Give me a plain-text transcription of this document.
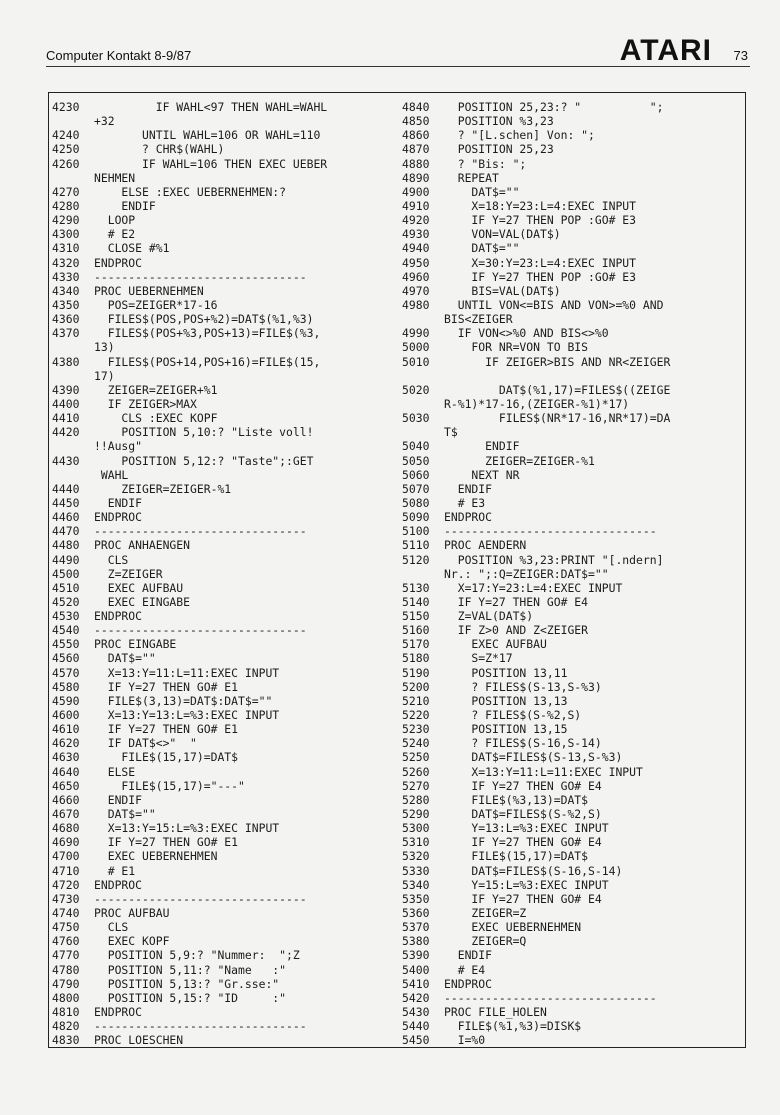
Computer Kontakt 8-9/87	ATARI 73
4230         IF WAHL<97 THEN WAHL=WAHL
+32
4240       UNTIL WAHL=106 OR WAHL=110
4250       ? CHR$(WAHL)
4260       IF WAHL=106 THEN EXEC UEBER
NEHMEN
4270    ELSE :EXEC UEBERNEHMEN:?
4280    ENDIF
4290  LOOP
4300  # E2
4310  CLOSE #%1
4320 ENDPROC
4330 -------------------------------
4340 PROC UEBERNEHMEN
4350  POS=ZEIGER*17-16
4360  FILES$(POS,POS+%2)=DAT$(%1,%3)
4370  FILES$(POS+%3,POS+13)=FILE$(%3,
13)
4380  FILES$(POS+14,POS+16)=FILE$(15,
17)
4390  ZEIGER=ZEIGER+%1
4400  IF ZEIGER>MAX
4410    CLS :EXEC KOPF
4420    POSITION 5,10:? "Liste voll!
!!Ausg"
4430    POSITION 5,12:? "Taste";:GET
WAHL
4440    ZEIGER=ZEIGER-%1
4450  ENDIF
4460 ENDPROC
4470 -------------------------------
4480 PROC ANHAENGEN
4490  CLS
4500  Z=ZEIGER
4510  EXEC AUFBAU
4520  EXEC EINGABE
4530 ENDPROC
4540 -------------------------------
4550 PROC EINGABE
4560  DAT$=""
4570  X=13:Y=11:L=11:EXEC INPUT
4580  IF Y=27 THEN GO# E1
4590  FILE$(3,13)=DAT$:DAT$=""
4600  X=13:Y=13:L=%3:EXEC INPUT
4610  IF Y=27 THEN GO# E1
4620  IF DAT$<>"  "
4630    FILE$(15,17)=DAT$
4640  ELSE
4650    FILE$(15,17)="---"
4660  ENDIF
4670  DAT$=""
4680  X=13:Y=15:L=%3:EXEC INPUT
4690  IF Y=27 THEN GO# E1
4700  EXEC UEBERNEHMEN
4710  # E1
4720 ENDPROC
4730 -------------------------------
4740 PROC AUFBAU
4750  CLS
4760  EXEC KOPF
4770  POSITION 5,9:? "Nummer:  ";Z
4780  POSITION 5,11:? "Name   :"
4790  POSITION 5,13:? "Gr.sse:"
4800  POSITION 5,15:? "ID     :"
4810 ENDPROC
4820 -------------------------------
4830 PROC LOESCHEN
4840  POSITION 25,23:? "          ";
4850  POSITION %3,23
4860  ? "[L.schen] Von: ";
4870  POSITION 25,23
4880  ? "Bis: ";
4890  REPEAT
4900    DAT$=""
4910    X=18:Y=23:L=4:EXEC INPUT
4920    IF Y=27 THEN POP :GO# E3
4930    VON=VAL(DAT$)
4940    DAT$=""
4950    X=30:Y=23:L=4:EXEC INPUT
4960    IF Y=27 THEN POP :GO# E3
4970    BIS=VAL(DAT$)
4980  UNTIL VON<=BIS AND VON>=%0 AND
BIS<ZEIGER
4990  IF VON<>%0 AND BIS<>%0
5000    FOR NR=VON TO BIS
5010      IF ZEIGER>BIS AND NR<ZEIGER
5020        DAT$(%1,17)=FILES$((ZEIGE
R-%1)*17-16,(ZEIGER-%1)*17)
5030        FILES$(NR*17-16,NR*17)=DA
T$
5040      ENDIF
5050      ZEIGER=ZEIGER-%1
5060    NEXT NR
5070  ENDIF
5080  # E3
5090 ENDPROC
5100 -------------------------------
5110 PROC AENDERN
5120  POSITION %3,23:PRINT "[.ndern]
Nr.: ";:Q=ZEIGER:DAT$=""
5130  X=17:Y=23:L=4:EXEC INPUT
5140  IF Y=27 THEN GO# E4
5150  Z=VAL(DAT$)
5160  IF Z>0 AND Z<ZEIGER
5170    EXEC AUFBAU
5180    S=Z*17
5190    POSITION 13,11
5200    ? FILES$(S-13,S-%3)
5210    POSITION 13,13
5220    ? FILES$(S-%2,S)
5230    POSITION 13,15
5240    ? FILES$(S-16,S-14)
5250    DAT$=FILES$(S-13,S-%3)
5260    X=13:Y=11:L=11:EXEC INPUT
5270    IF Y=27 THEN GO# E4
5280    FILE$(%3,13)=DAT$
5290    DAT$=FILES$(S-%2,S)
5300    Y=13:L=%3:EXEC INPUT
5310    IF Y=27 THEN GO# E4
5320    FILE$(15,17)=DAT$
5330    DAT$=FILES$(S-16,S-14)
5340    Y=15:L=%3:EXEC INPUT
5350    IF Y=27 THEN GO# E4
5360    ZEIGER=Z
5370    EXEC UEBERNEHMEN
5380    ZEIGER=Q
5390  ENDIF
5400  # E4
5410 ENDPROC
5420 -------------------------------
5430 PROC FILE_HOLEN
5440  FILE$(%1,%3)=DISK$
5450  I=%0
